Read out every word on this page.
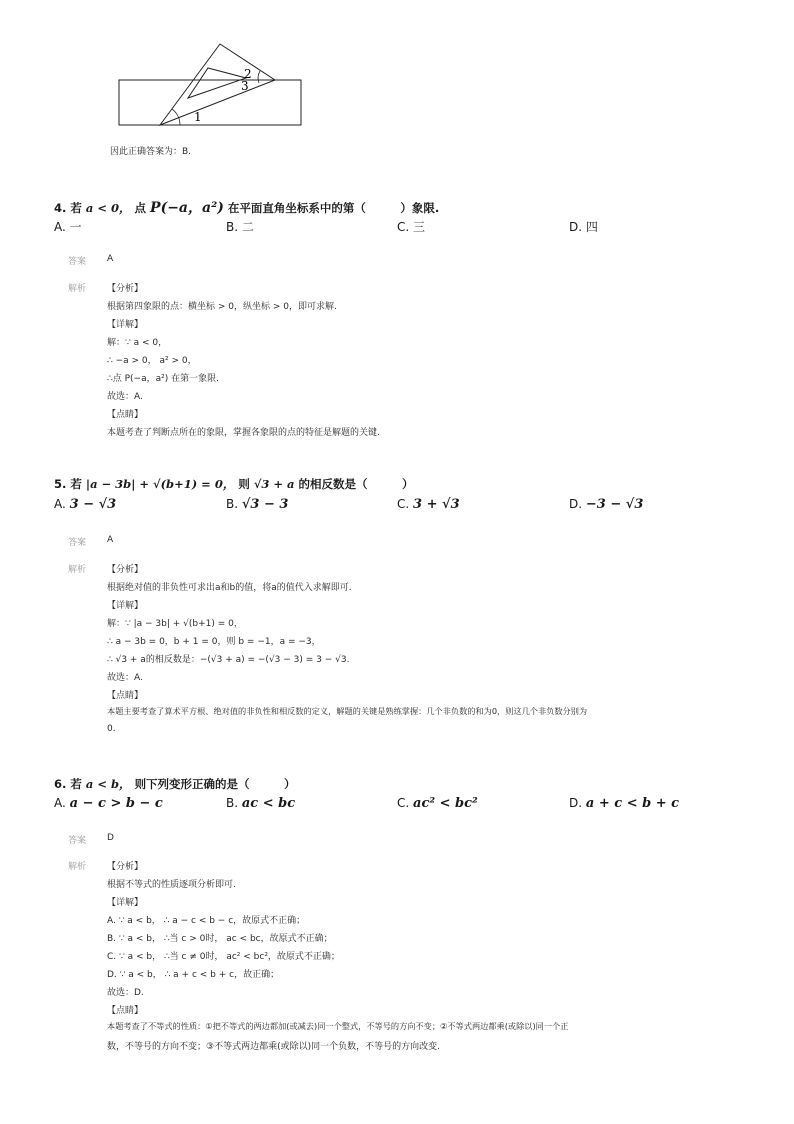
1
2
3
因此正确答案为：B.
4. 若 a < 0， 点 P(−a，a²) 在平面直角坐标系中的第（　　　）象限.
A. 一	B. 二	C. 三	D. 四
答案 A
解析 【分析】
根据第四象限的点：横坐标 > 0，纵坐标 > 0，即可求解.
【详解】
解：∵ a < 0，
∴ −a > 0， a² > 0，
∴点 P(−a，a²) 在第一象限.
故选：A.
【点睛】
本题考查了判断点所在的象限，掌握各象限的点的特征是解题的关键.
5. 若 |a − 3b| + √(b+1) = 0， 则 √3 + a 的相反数是（　　　）
A. 3 − √3	B. √3 − 3	C. 3 + √3	D. −3 − √3
答案 A
解析 【分析】
根据绝对值的非负性可求出a和b的值，将a的值代入求解即可.
【详解】
解：∵ |a − 3b| + √(b+1) = 0，
∴ a − 3b = 0，b + 1 = 0，则 b = −1，a = −3，
∴ √3 + a的相反数是：−(√3 + a) = −(√3 − 3) = 3 − √3.
故选：A.
【点睛】
本题主要考查了算术平方根、绝对值的非负性和相反数的定义，解题的关键是熟练掌握：几个非负数的和为0，则这几个非负数分别为
0.
6. 若 a < b， 则下列变形正确的是（　　　）
A. a − c > b − c	B. ac < bc	C. ac² < bc²	D. a + c < b + c
答案 D
解析 【分析】
根据不等式的性质逐项分析即可.
【详解】
A. ∵ a < b， ∴ a − c < b − c，故原式不正确；
B. ∵ a < b， ∴当 c > 0时， ac < bc，故原式不正确；
C. ∵ a < b， ∴当 c ≠ 0时， ac² < bc²，故原式不正确；
D. ∵ a < b， ∴ a + c < b + c，故正确；
故选：D.
【点睛】
本题考查了不等式的性质：①把不等式的两边都加(或减去)同一个整式，不等号的方向不变；②不等式两边都乘(或除以)同一个正
数，不等号的方向不变；③不等式两边都乘(或除以)同一个负数，不等号的方向改变.
